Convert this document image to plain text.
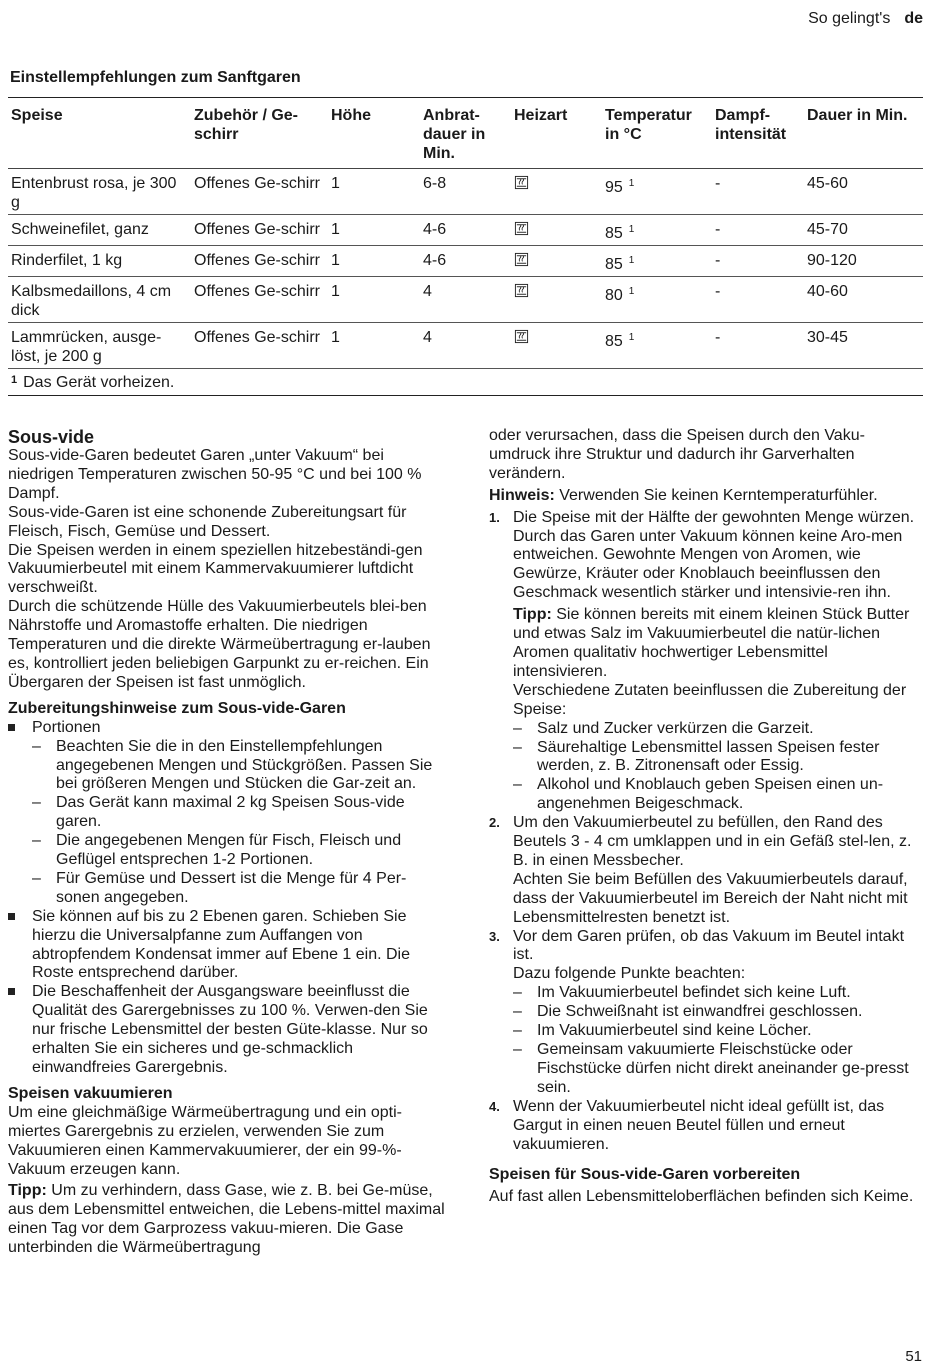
So gelingt's de
Einstellempfehlungen zum Sanftgaren
Speise	Zubehör / Ge-schirr	Höhe	Anbrat-dauer in Min.	Heizart	Temperatur in °C	Dampf-intensität	Dauer in Min.
Entenbrust rosa, je 300 g	Offenes Ge-schirr	1	6-8		95 $^1$	-	45-60
Schweinefilet, ganz	Offenes Ge-schirr	1	4-6		85 $^1$	-	45-70
Rinderfilet, 1 kg	Offenes Ge-schirr	1	4-6		85 $^1$	-	90-120
Kalbsmedaillons, 4 cm dick	Offenes Ge-schirr	1	4		80 $^1$	-	40-60
Lammrücken, ausge-löst, je 200 g	Offenes Ge-schirr	1	4		85 $^1$	-	30-45
$^1$ Das Gerät vorheizen.							

Sous-vide

Sous-vide-Garen bedeutet Garen „unter Vakuum“ bei niedrigen Temperaturen zwischen 50-95 °C und bei 100 % Dampf.

Sous-vide-Garen ist eine schonende Zubereitungsart für Fleisch, Fisch, Gemüse und Dessert.

Die Speisen werden in einem speziellen hitzebeständi-gen Vakuumierbeutel mit einem Kammervakuumierer luftdicht verschweißt.

Durch die schützende Hülle des Vakuumierbeutels blei-ben Nährstoffe und Aromastoffe erhalten. Die niedrigen Temperaturen und die direkte Wärmeübertragung er-lauben es, kontrolliert jeden beliebigen Garpunkt zu er-reichen. Ein Übergaren der Speisen ist fast unmöglich.

Zubereitungshinweise zum Sous-vide-Garen

Portionen
– Beachten Sie die in den Einstellempfehlungen angegebenen Mengen und Stückgrößen. Passen Sie bei größeren Mengen und Stücken die Gar-zeit an.
– Das Gerät kann maximal 2 kg Speisen Sous-vide garen.
– Die angegebenen Mengen für Fisch, Fleisch und Geflügel entsprechen 1-2 Portionen.
– Für Gemüse und Dessert ist die Menge für 4 Per-sonen angegeben.
Sie können auf bis zu 2 Ebenen garen. Schieben Sie hierzu die Universalpfanne zum Auffangen von abtropfendem Kondensat immer auf Ebene 1 ein. Die Roste entsprechend darüber.
Die Beschaffenheit der Ausgangsware beeinflusst die Qualität des Garergebnisses zu 100 %. Verwen-den Sie nur frische Lebensmittel der besten Güte-klasse. Nur so erhalten Sie ein sicheres und ge-schmacklich einwandfreies Garergebnis.

Speisen vakuumieren

Um eine gleichmäßige Wärmeübertragung und ein opti-miertes Garergebnis zu erzielen, verwenden Sie zum Vakuumieren einen Kammervakuumierer, der ein 99-%-Vakuum erzeugen kann.

Tipp: Um zu verhindern, dass Gase, wie z. B. bei Ge-müse, aus dem Lebensmittel entweichen, die Lebens-mittel maximal einen Tag vor dem Garprozess vakuu-mieren. Die Gase unterbinden die Wärmeübertragung

oder verursachen, dass die Speisen durch den Vaku-umdruck ihre Struktur und dadurch ihr Garverhalten verändern.

Hinweis: Verwenden Sie keinen Kerntemperaturfühler.

1. Die Speise mit der Hälfte der gewohnten Menge würzen.

Durch das Garen unter Vakuum können keine Aro-men entweichen. Gewohnte Mengen von Aromen, wie Gewürze, Kräuter oder Knoblauch beeinflussen den Geschmack wesentlich stärker und intensivie-ren ihn.

Tipp: Sie können bereits mit einem kleinen Stück Butter und etwas Salz im Vakuumierbeutel die natür-lichen Aromen qualitativ hochwertiger Lebensmittel intensivieren.

Verschiedene Zutaten beeinflussen die Zubereitung der Speise:

– Salz und Zucker verkürzen die Garzeit.
– Säurehaltige Lebensmittel lassen Speisen fester werden, z. B. Zitronensaft oder Essig.
– Alkohol und Knoblauch geben Speisen einen un-angenehmen Beigeschmack.
2. Um den Vakuumierbeutel zu befüllen, den Rand des Beutels 3 - 4 cm umklappen und in ein Gefäß stel-len, z. B. in einen Messbecher.

Achten Sie beim Befüllen des Vakuumierbeutels darauf, dass der Vakuumierbeutel im Bereich der Naht nicht mit Lebensmittelresten benetzt ist.

3. Vor dem Garen prüfen, ob das Vakuum im Beutel intakt ist.

Dazu folgende Punkte beachten:

– Im Vakuumierbeutel befindet sich keine Luft.
– Die Schweißnaht ist einwandfrei geschlossen.
– Im Vakuumierbeutel sind keine Löcher.
– Gemeinsam vakuumierte Fleischstücke oder Fischstücke dürfen nicht direkt aneinander ge-presst sein.
4. Wenn der Vakuumierbeutel nicht ideal gefüllt ist, das Gargut in einen neuen Beutel füllen und erneut vakuumieren.

Speisen für Sous-vide-Garen vorbereiten

Auf fast allen Lebensmitteloberflächen befinden sich Keime.

51
